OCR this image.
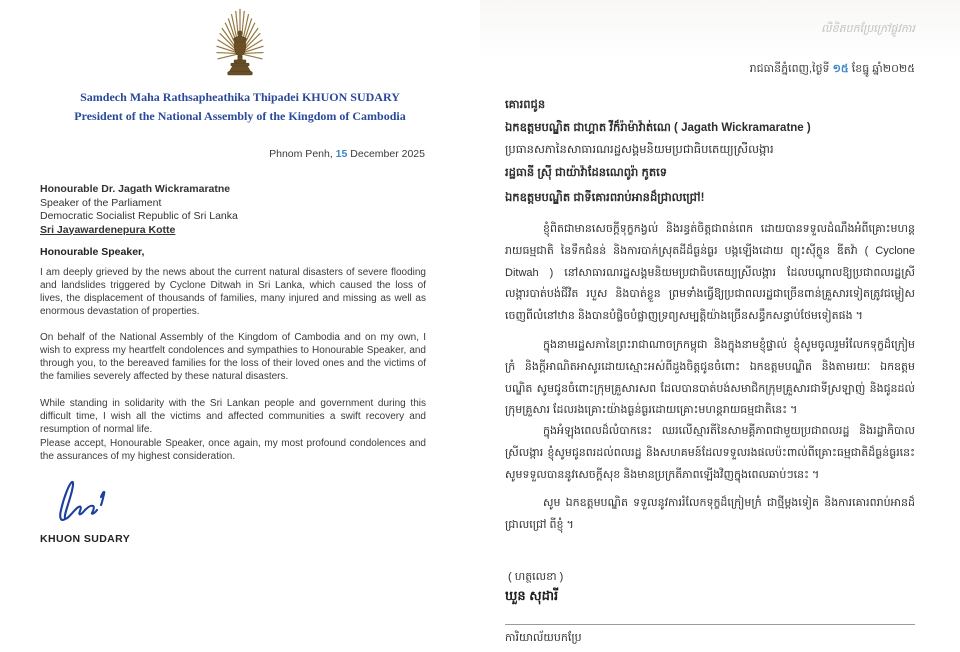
Samdech Maha Rathsapheathika Thipadei KHUON SUDARY
President of the National Assembly of the Kingdom of Cambodia
Phnom Penh, 15 December 2025
Honourable Dr. Jagath Wickramaratne
Speaker of the Parliament
Democratic Socialist Republic of Sri Lanka
Sri Jayawardenepura Kotte
Honourable Speaker,
I am deeply grieved by the news about the current natural disasters of severe flooding and landslides triggered by Cyclone Ditwah in Sri Lanka, which caused the loss of lives, the displacement of thousands of families, many injured and missing as well as enormous devastation of properties.
On behalf of the National Assembly of the Kingdom of Cambodia and on my own, I wish to express my heartfelt condolences and sympathies to Honourable Speaker, and through you, to the bereaved families for the loss of their loved ones and the victims of the families severely affected by these natural disasters.
While standing in solidarity with the Sri Lankan people and government during this difficult time, I wish all the victims and affected communities a swift recovery and resumption of normal life.
Please accept, Honourable Speaker, once again, my most profound condolences and the assurances of my highest consideration.
KHUON SUDARY
លិខិតបកប្រែក្រៅផ្លូវការ
រាជធានីភ្នំពេញ,ថ្ងៃទី ១៥ ខែធ្នូ ឆ្នាំ២០២៥
គោរពជូន
ឯកឧត្តមបណ្ឌិត ជាហ្គាត វីក៏រ៉ាម៉ាវ៉ាត់ណេ ( Jagath Wickramaratne )
ប្រធានសភានៃសាធារណរដ្ឋសង្គមនិយមប្រជាធិបតេយ្យស្រីលង្ការ
រដ្ឋធានី ស្រ៊ី ជាយ៉ាវ៉ាដែនណេពូរ៉ា កូតទេ
ឯកឧត្តមបណ្ឌិត ជាទីគោរពរាប់អានដ៏ជ្រាលជ្រៅ!
ខ្ញុំពិតជាមានសេចក្ដីទុក្ខកង្វល់ និងរន្ធត់ចិត្តជាពន់ពេក ដោយបានទទួលដំណឹងអំពីគ្រោះមហន្តរាយធម្មជាតិ នៃទឹកជំនន់ និងការបាក់ស្រុតដីដ៏ធ្ងន់ធ្ងរ បង្កឡើងដោយ ព្យុះស៊ីក្លូន ឌីតវ៉ា ( Cyclone Ditwah ) នៅសាធារណរដ្ឋសង្គមនិយមប្រជាធិបតេយ្យស្រីលង្ការ ដែលបណ្ដាលឱ្យប្រជាពលរដ្ឋស្រីលង្ការបាត់បង់ជីវិត របួស និងបាត់ខ្លួន ព្រមទាំងធ្វើឱ្យប្រជាពលរដ្ឋជាច្រើនពាន់គ្រួសារទៀតត្រូវជម្លៀសចេញពីលំនៅឋាន និងបានបំផ្លិចបំផ្លាញទ្រព្យសម្បត្តិយ៉ាងច្រើនសន្ធឹកសន្ធាប់ថែមទៀតផង ។
ក្នុងនាមរដ្ឋសភានៃព្រះរាជាណាចក្រកម្ពុជា និងក្នុងនាមខ្ញុំផ្ទាល់ ខ្ញុំសូមចូលរួមរំលែកទុក្ខដ៏ក្រៀមក្រំ និងក្ដីអាណិតអាសូរដោយស្មោះអស់ពីដួងចិត្តជូនចំពោះ ឯកឧត្តមបណ្ឌិត និងតាមរយៈ ឯកឧត្តមបណ្ឌិត សូមជូនចំពោះក្រុមគ្រួសារសព ដែលបានបាត់បង់សមាជិកក្រុមគ្រួសារជាទីស្រឡាញ់ និងជូនដល់ក្រុមគ្រួសារ ដែលរងគ្រោះយ៉ាងធ្ងន់ធ្ងរដោយគ្រោះមហន្តរាយធម្មជាតិនេះ ។
ក្នុងអំឡុងពេលដ៏លំបាកនេះ ឈរលើស្មារតីនៃសាមគ្គីភាពជាមួយប្រជាពលរដ្ឋ និងរដ្ឋាភិបាលស្រីលង្ការ ខ្ញុំសូមជូនពរដល់ពលរដ្ឋ និងសហគមន៍ដែលទទួលរងផលប៉ះពាល់ពីគ្រោះធម្មជាតិដ៏ធ្ងន់ធ្ងរនេះ សូមទទួលបាននូវសេចក្ដីសុខ និងមានប្រក្រតីភាពឡើងវិញក្នុងពេលឆាប់ៗនេះ ។
សូម ឯកឧត្តមបណ្ឌិត ទទួលនូវការរំលែកទុក្ខដ៏ក្រៀមក្រំ ជាថ្មីម្ដងទៀត និងការគោរពរាប់អានដ៏ជ្រាលជ្រៅ ពីខ្ញុំ ។
( ហត្ថលេខា )
ឃួន សុដារី
ការិយាល័យបកប្រែ
